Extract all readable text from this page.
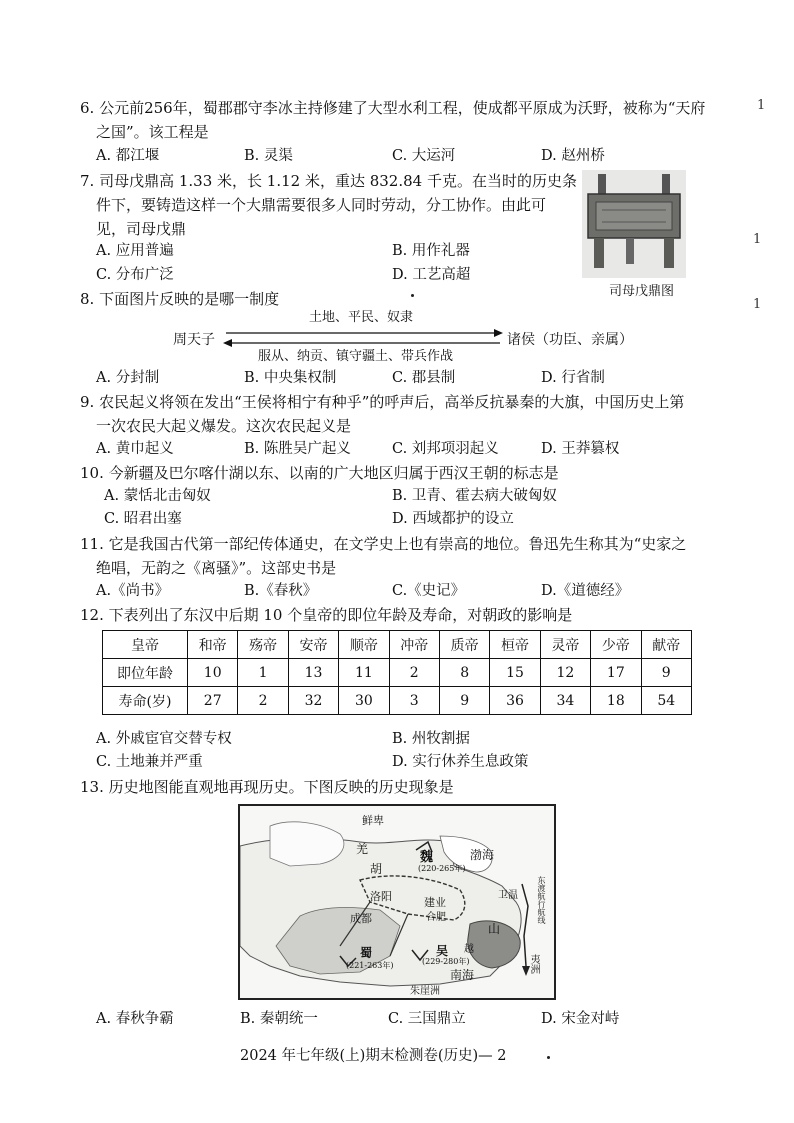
1
1
1
6. 公元前256年，蜀郡郡守李冰主持修建了大型水利工程，使成都平原成为沃野，被称为“天府
之国”。该工程是
A. 都江堰	B. 灵渠	C. 大运河	D. 赵州桥
7. 司母戊鼎高 1.33 米，长 1.12 米，重达 832.84 千克。在当时的历史条
件下，要铸造这样一个大鼎需要很多人同时劳动，分工协作。由此可
见，司母戊鼎
A. 应用普遍	B. 用作礼器
C. 分布广泛	D. 工艺高超
司母戊鼎图
8. 下面图片反映的是哪一制度
周天子	诸侯（功臣、亲属）
土地、平民、奴隶
服从、纳贡、镇守疆土、带兵作战
A. 分封制	B. 中央集权制	C. 郡县制	D. 行省制
9. 农民起义将领在发出“王侯将相宁有种乎”的呼声后，高举反抗暴秦的大旗，中国历史上第
一次农民大起义爆发。这次农民起义是
A. 黄巾起义	B. 陈胜吴广起义	C. 刘邦项羽起义	D. 王莽篡权
10. 今新疆及巴尔喀什湖以东、以南的广大地区归属于西汉王朝的标志是
A. 蒙恬北击匈奴	B. 卫青、霍去病大破匈奴
C. 昭君出塞	D. 西域都护的设立
11. 它是我国古代第一部纪传体通史，在文学史上也有崇高的地位。鲁迅先生称其为“史家之
绝唱，无韵之《离骚》”。这部史书是
A.《尚书》	B.《春秋》	C.《史记》	D.《道德经》
12. 下表列出了东汉中后期 10 个皇帝的即位年龄及寿命，对朝政的影响是
皇帝	和帝	殇帝	安帝	顺帝	冲帝	质帝	桓帝	灵帝	少帝	献帝
即位年龄	10	1	13	11	2	8	15	12	17	9
寿命(岁)	27	2	32	30	3	9	36	34	18	54
A. 外戚宦官交替专权	B. 州牧割据
C. 土地兼并严重	D. 实行休养生息政策
13. 历史地图能直观地再现历史。下图反映的历史现象是
鲜卑
羌
胡
魏
(220-265年)
渤海
洛阳	建业
合肥
卫温
山
越
成都
蜀
(221-263年)
吴
(229-280年)	夷洲
东渡航行航线
南海
朱崖洲
A. 春秋争霸	B. 秦朝统一	C. 三国鼎立	D. 宋金对峙
2024 年七年级(上)期末检测卷(历史)— 2
